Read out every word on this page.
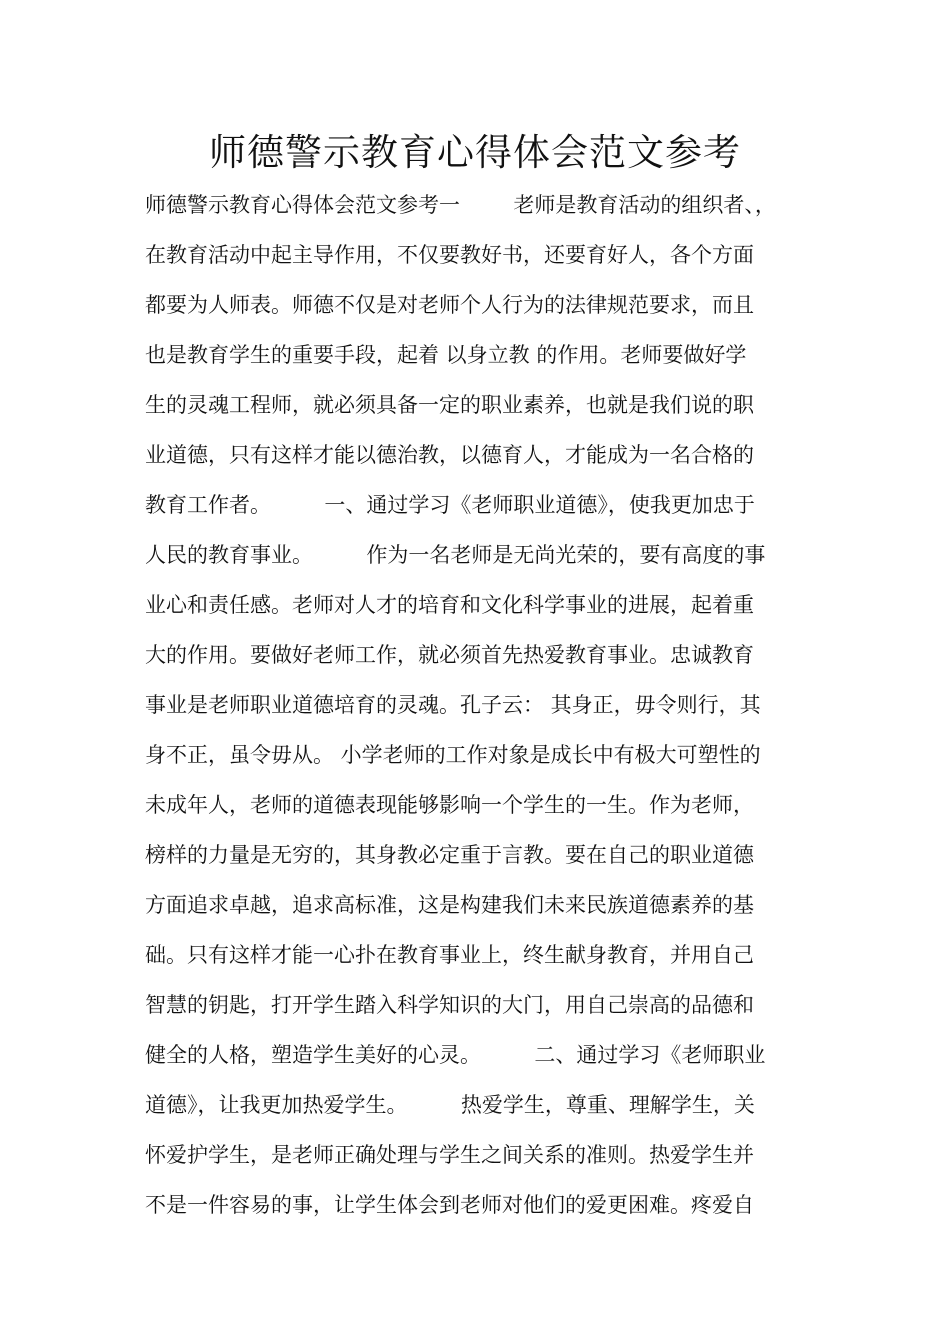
师德警示教育心得体会范文参考
师德警示教育心得体会范文参考一        老师是教育活动的组织者、，
在教育活动中起主导作用，不仅要教好书，还要育好人，各个方面
都要为人师表。师德不仅是对老师个人行为的法律规范要求，而且
也是教育学生的重要手段，起着 以身立教 的作用。老师要做好学
生的灵魂工程师，就必须具备一定的职业素养，也就是我们说的职
业道德，只有这样才能以德治教，以德育人，才能成为一名合格的
教育工作者。        一、通过学习《老师职业道德》，使我更加忠于
人民的教育事业。        作为一名老师是无尚光荣的，要有高度的事
业心和责任感。老师对人才的培育和文化科学事业的进展，起着重
大的作用。要做好老师工作，就必须首先热爱教育事业。忠诚教育
事业是老师职业道德培育的灵魂。孔子云： 其身正，毋令则行，其
身不正，虽令毋从。 小学老师的工作对象是成长中有极大可塑性的
未成年人，老师的道德表现能够影响一个学生的一生。作为老师，
榜样的力量是无穷的，其身教必定重于言教。要在自己的职业道德
方面追求卓越，追求高标准，这是构建我们未来民族道德素养的基
础。只有这样才能一心扑在教育事业上，终生献身教育，并用自己
智慧的钥匙，打开学生踏入科学知识的大门，用自己崇高的品德和
健全的人格，塑造学生美好的心灵。        二、通过学习《老师职业
道德》，让我更加热爱学生。        热爱学生，尊重、理解学生，关
怀爱护学生，是老师正确处理与学生之间关系的准则。热爱学生并
不是一件容易的事，让学生体会到老师对他们的爱更困难。疼爱自
